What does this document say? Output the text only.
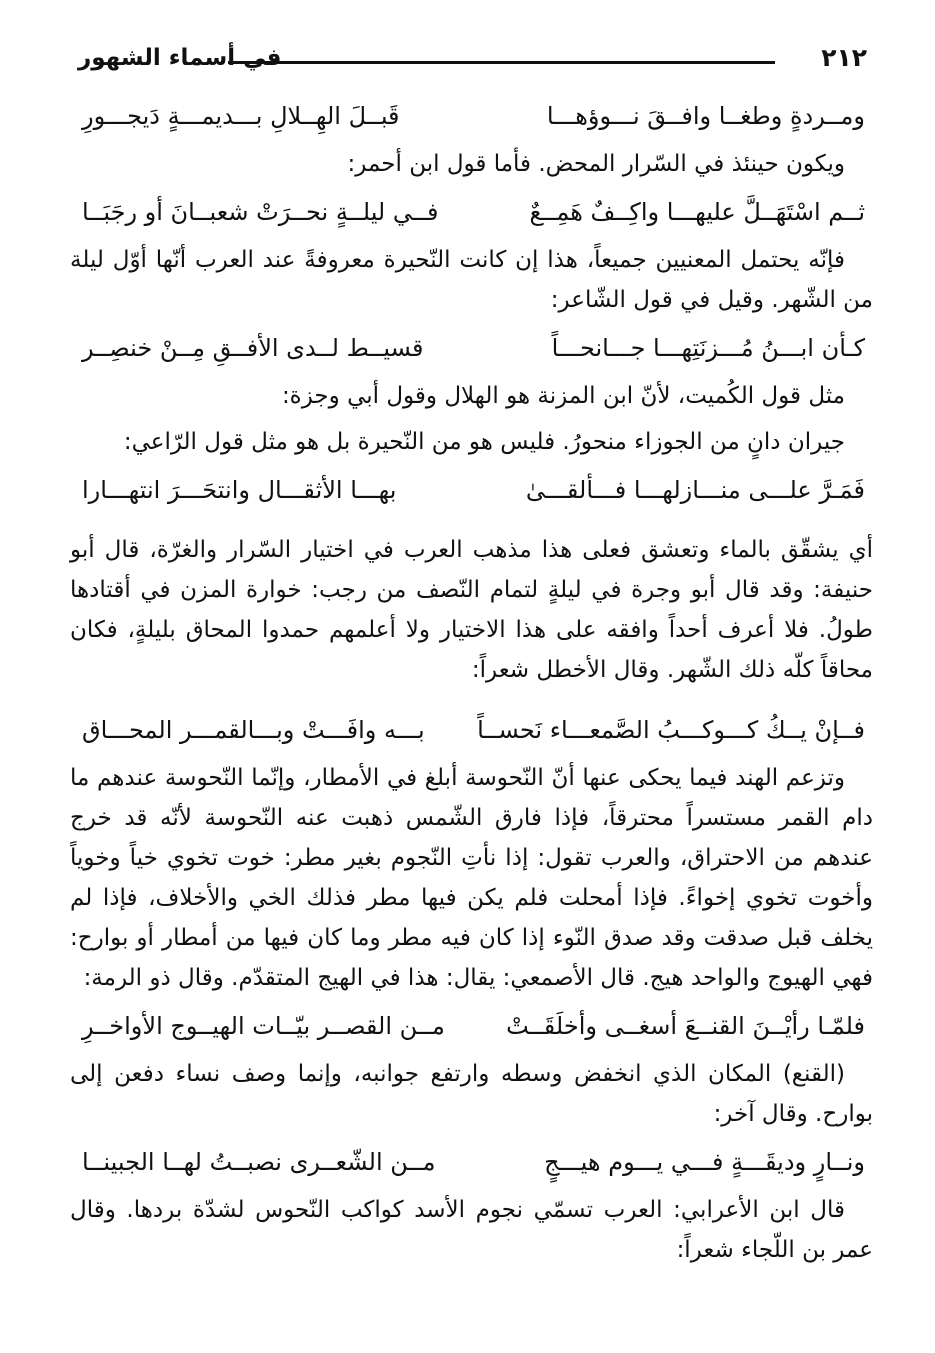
٢١٢
في أسماء الشهور
ومــردةٍ وطغــا وافــقَ نـــوؤهـــا
قَبــلَ الهِــلالِ بـــديمـــةٍ دَيجـــورِ

ويكون حينئذ في السّرار المحض. فأما قول ابن أحمر:

ثــم اسْتَهَــلَّ عليهـــا واكِــفٌ هَمِــعٌ
فــي ليلــةٍ نحــرَتْ شعبــانَ أو رجَبَــا

فإنّه يحتمل المعنيين جميعاً، هذا إن كانت النّحيرة معروفةً عند العرب أنّها أوّل ليلة من الشّهر. وقيل في قول الشّاعر:

كـأن ابـــنُ مُـــزنَتِهـــا جـــانحـــاً
قسيــط لــدى الأفــقِ مِــنْ خنصِــر

مثل قول الكُميت، لأنّ ابن المزنة هو الهلال وقول أبي وجزة:

جيران دانٍ من الجوزاء منحورُ. فليس هو من النّحيرة بل هو مثل قول الرّاعي:

فَمَـرَّ علـــى منـــازلهـــا فـــألقـــىٰ
بهـــا الأثقـــال وانتحَـــرَ انتهـــارا

أي يشقّق بالماء وتعشق فعلى هذا مذهب العرب في اختيار السّرار والغرّة، قال أبو حنيفة: وقد قال أبو وجرة في ليلةٍ لتمام النّصف من رجب: خوارة المزن في أقتادها طولُ. فلا أعرف أحداً وافقه على هذا الاختيار ولا أعلمهم حمدوا المحاق بليلةٍ، فكان محاقاً كلّه ذلك الشّهر. وقال الأخطل شعراً:

فــإنْ يــكُ كـــوكـــبُ الصَّمعـــاء نَحســاً
بـــه وافَـــتْ وبـــالقمـــر المحـــاق

وتزعم الهند فيما يحكى عنها أنّ النّحوسة أبلغ في الأمطار، وإنّما النّحوسة عندهم ما دام القمر مستسراً محترقاً، فإذا فارق الشّمس ذهبت عنه النّحوسة لأنّه قد خرج عندهم من الاحتراق، والعرب تقول: إذا نأتِ النّجوم بغير مطر: خوت تخوي خياً وخوياً وأخوت تخوي إخواءً. فإذا أمحلت فلم يكن فيها مطر فذلك الخي والأخلاف، فإذا لم يخلف قبل صدقت وقد صدق النّوء إذا كان فيه مطر وما كان فيها من أمطار أو بوارح: فهي الهيوج والواحد هيج. قال الأصمعي: يقال: هذا في الهيج المتقدّم. وقال ذو الرمة:

فلمّـا رأيْــنَ القنــعَ أسغــى وأخلَقَــتْ
مــن القصــر بيّــات الهيــوج الأواخــرِ

(القنع) المكان الذي انخفض وسطه وارتفع جوانبه، وإنما وصف نساء دفعن إلى بوارح. وقال آخر:

ونــارٍ وديقَـــةٍ فـــي يـــوم هيـــجٍ
مــن الشّعــرى نصبــتُ لهــا الجبينــا

قال ابن الأعرابي: العرب تسمّي نجوم الأسد كواكب النّحوس لشدّة بردها. وقال عمر بن اللّجاء شعراً:
